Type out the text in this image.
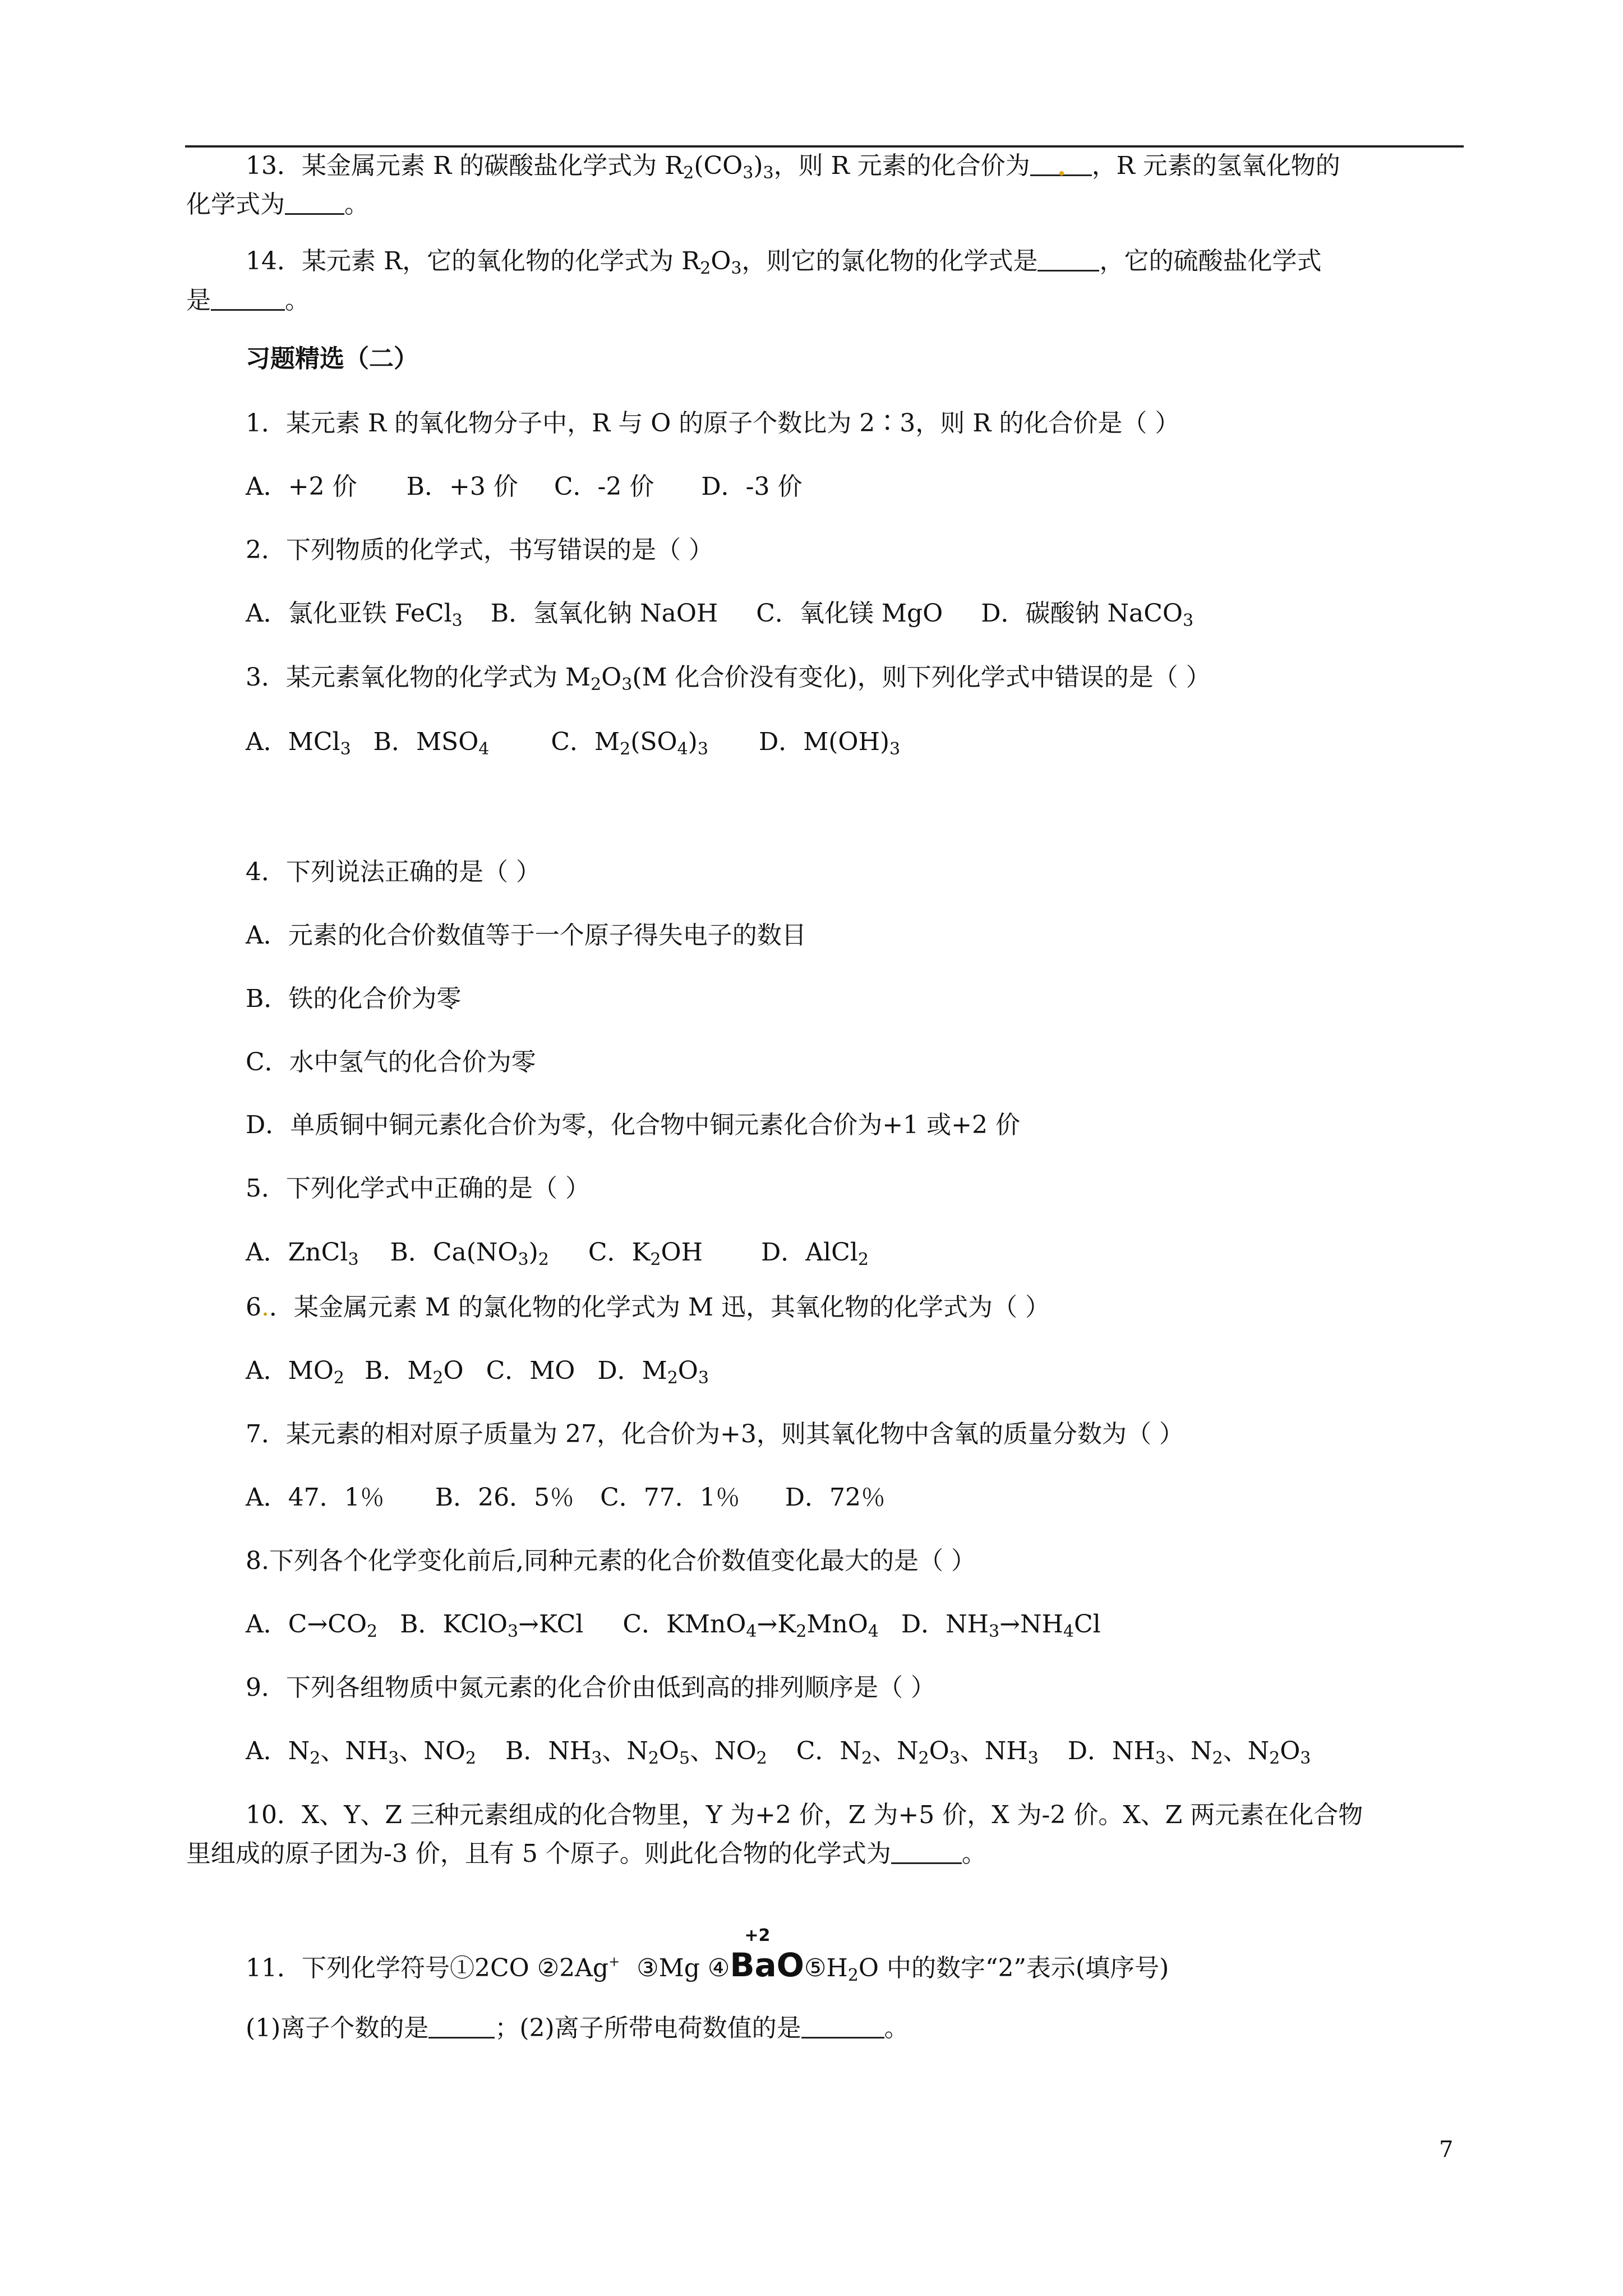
13．某金属元素 R 的碳酸盐化学式为 $R_2(CO_3)_3$，则 R 元素的化合价为	，R 元素的氢氧化物的
化学式为 。
14．某元素 R，它的氧化物的化学式为 $R_2O_3$，则它的氯化物的化学式是	，它的硫酸盐化学式
是	。
习题精选（二）
1．某元素 R 的氧化物分子中，R 与 O 的原子个数比为 2∶3，则 R 的化合价是（ ）
A．+2 价 B．+3 价 C．-2 价 D．-3 价
2．下列物质的化学式，书写错误的是（ ）
A．氯化亚铁 FeCl$_3$ B．氢氧化钠 NaOH C．氧化镁 MgO D．碳酸钠 NaCO$_3$
3．某元素氧化物的化学式为 $M_2O_3(M$ 化合价没有变化)，则下列化学式中错误的是（ ）
A．MCl$_3$ B．$MSO_4$	C．$M_2(SO_4)_3$ D．$M(OH)_3$
4．下列说法正确的是（ ）
A．元素的化合价数值等于一个原子得失电子的数目
B．铁的化合价为零
C．水中氢气的化合价为零
D．单质铜中铜元素化合价为零，化合物中铜元素化合价为+1 或+2 价
5．下列化学式中正确的是（ ）
A．ZnCl$_3$ B．$Ca(NO_3)_2$ C．$K_2OH$ D．AlCl$_2$
6.．某金属元素 M 的氯化物的化学式为 M 迅，其氧化物的化学式为（ ）
A．$MO_2$ B．$M_2O$ C．MO D．$M_2O_3$
7．某元素的相对原子质量为 27，化合价为+3，则其氧化物中含氧的质量分数为（ ）
A．47．1％ B．26．5％ C．77．1％ D．72％
8.下列各个化学变化前后,同种元素的化合价数值变化最大的是（ ）
A．$C\to CO_2$ B．KClO$_3$→KCl C．$KMnO_4\to K_2MnO_4$ D．$NH_3\to NH_4Cl$
9．下列各组物质中氮元素的化合价由低到高的排列顺序是（ ）
A．$N_2$、$NH_3$、$NO_2$ B．$NH_3$、$N_2O_5$、$NO_2$ C．$N_2$、$N_2O_3$、$NH_3$ D．$NH_3$、$N_2$、$N_2O_3$
10．X、Y、Z 三种元素组成的化合物里，Y 为+2 价，Z 为+5 价，X 为-2 价。X、Z 两元素在化合物
里组成的原子团为-3 价，且有 5 个原子。则此化合物的化学式为	。
11．下列化学符号①2CO ②2Ag+ ③Mg ④
+2
$BaO⑤H_2O$ 中的数字“2”表示(填序号)
(1)离子个数的是	；(2)离子所带电荷数值的是	。
7
